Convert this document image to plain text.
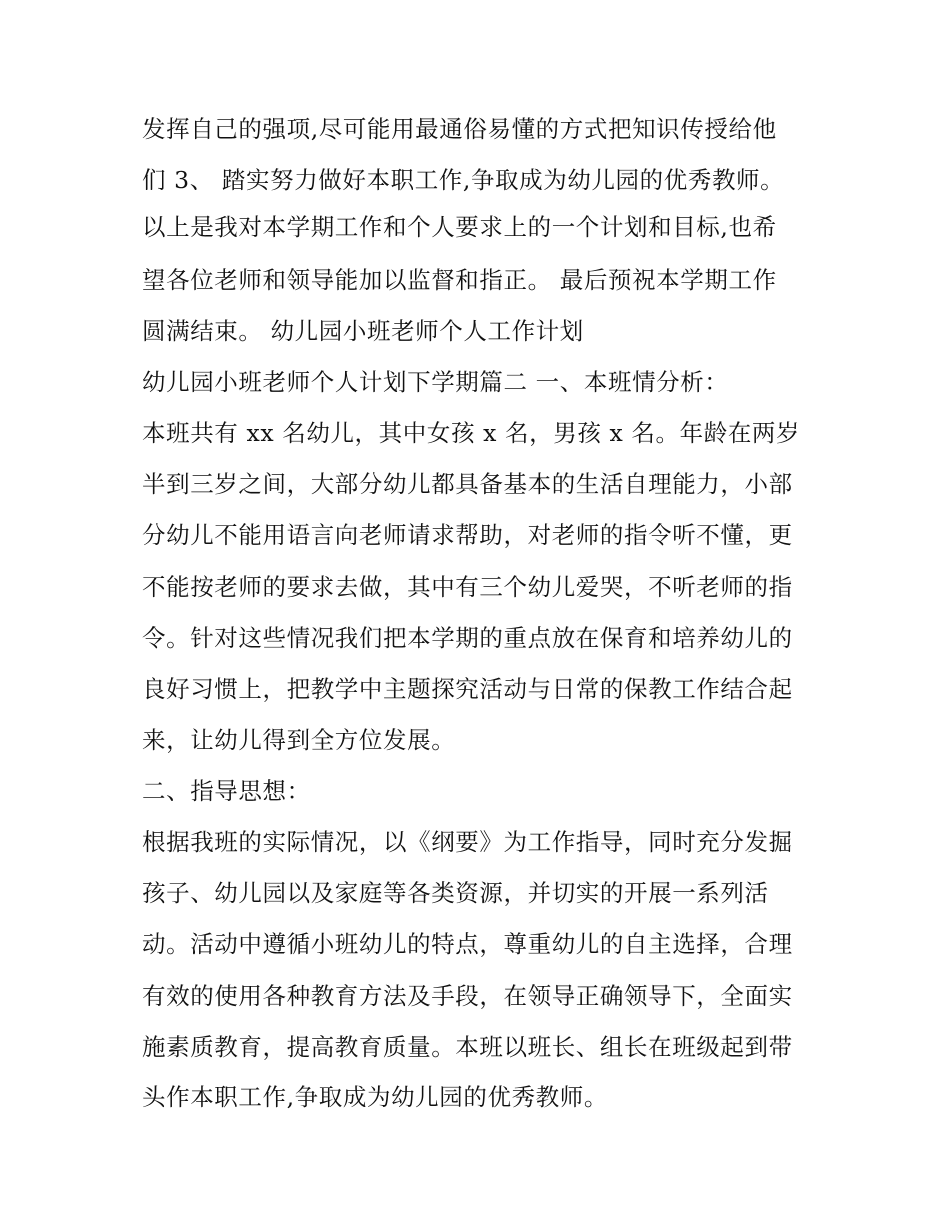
发挥自己的强项,尽可能用最通俗易懂的方式把知识传授给他
们 3、 踏实努力做好本职工作,争取成为幼儿园的优秀教师。
以上是我对本学期工作和个人要求上的一个计划和目标,也希
望各位老师和领导能加以监督和指正。 最后预祝本学期工作
圆满结束。 幼儿园小班老师个人工作计划
幼儿园小班老师个人计划下学期篇二 一、本班情分析：
本班共有 xx 名幼儿，其中女孩 x 名，男孩 x 名。年龄在两岁
半到三岁之间，大部分幼儿都具备基本的生活自理能力，小部
分幼儿不能用语言向老师请求帮助，对老师的指令听不懂，更
不能按老师的要求去做，其中有三个幼儿爱哭，不听老师的指
令。针对这些情况我们把本学期的重点放在保育和培养幼儿的
良好习惯上，把教学中主题探究活动与日常的保教工作结合起
来，让幼儿得到全方位发展。
二、指导思想：
根据我班的实际情况，以《纲要》为工作指导，同时充分发掘
孩子、幼儿园以及家庭等各类资源，并切实的开展一系列活
动。活动中遵循小班幼儿的特点，尊重幼儿的自主选择，合理
有效的使用各种教育方法及手段，在领导正确领导下，全面实
施素质教育，提高教育质量。本班以班长、组长在班级起到带
头作本职工作,争取成为幼儿园的优秀教师。
